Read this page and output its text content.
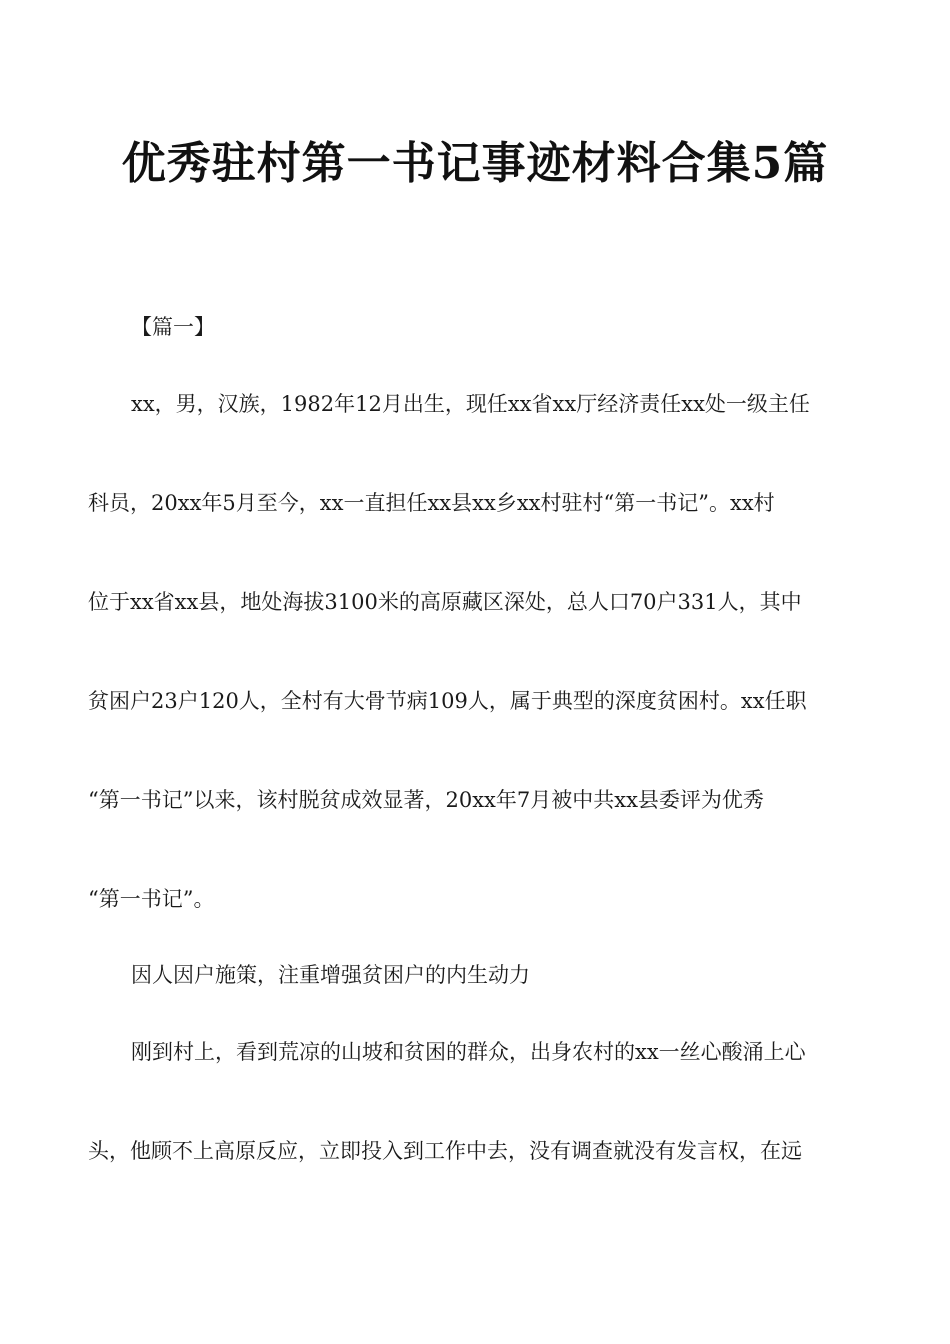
优秀驻村第一书记事迹材料合集5篇

【篇一】

xx，男，汉族，1982年12月出生，现任xx省xx厅经济责任xx处一级主任

科员，20xx年5月至今，xx一直担任xx县xx乡xx村驻村“第一书记”。xx村

位于xx省xx县，地处海拔3100米的高原藏区深处，总人口70户331人，其中

贫困户23户120人，全村有大骨节病109人，属于典型的深度贫困村。xx任职

“第一书记”以来，该村脱贫成效显著，20xx年7月被中共xx县委评为优秀

“第一书记”。

因人因户施策，注重增强贫困户的内生动力

刚到村上，看到荒凉的山坡和贫困的群众，出身农村的xx一丝心酸涌上心

头，他顾不上高原反应，立即投入到工作中去，没有调查就没有发言权，在远
